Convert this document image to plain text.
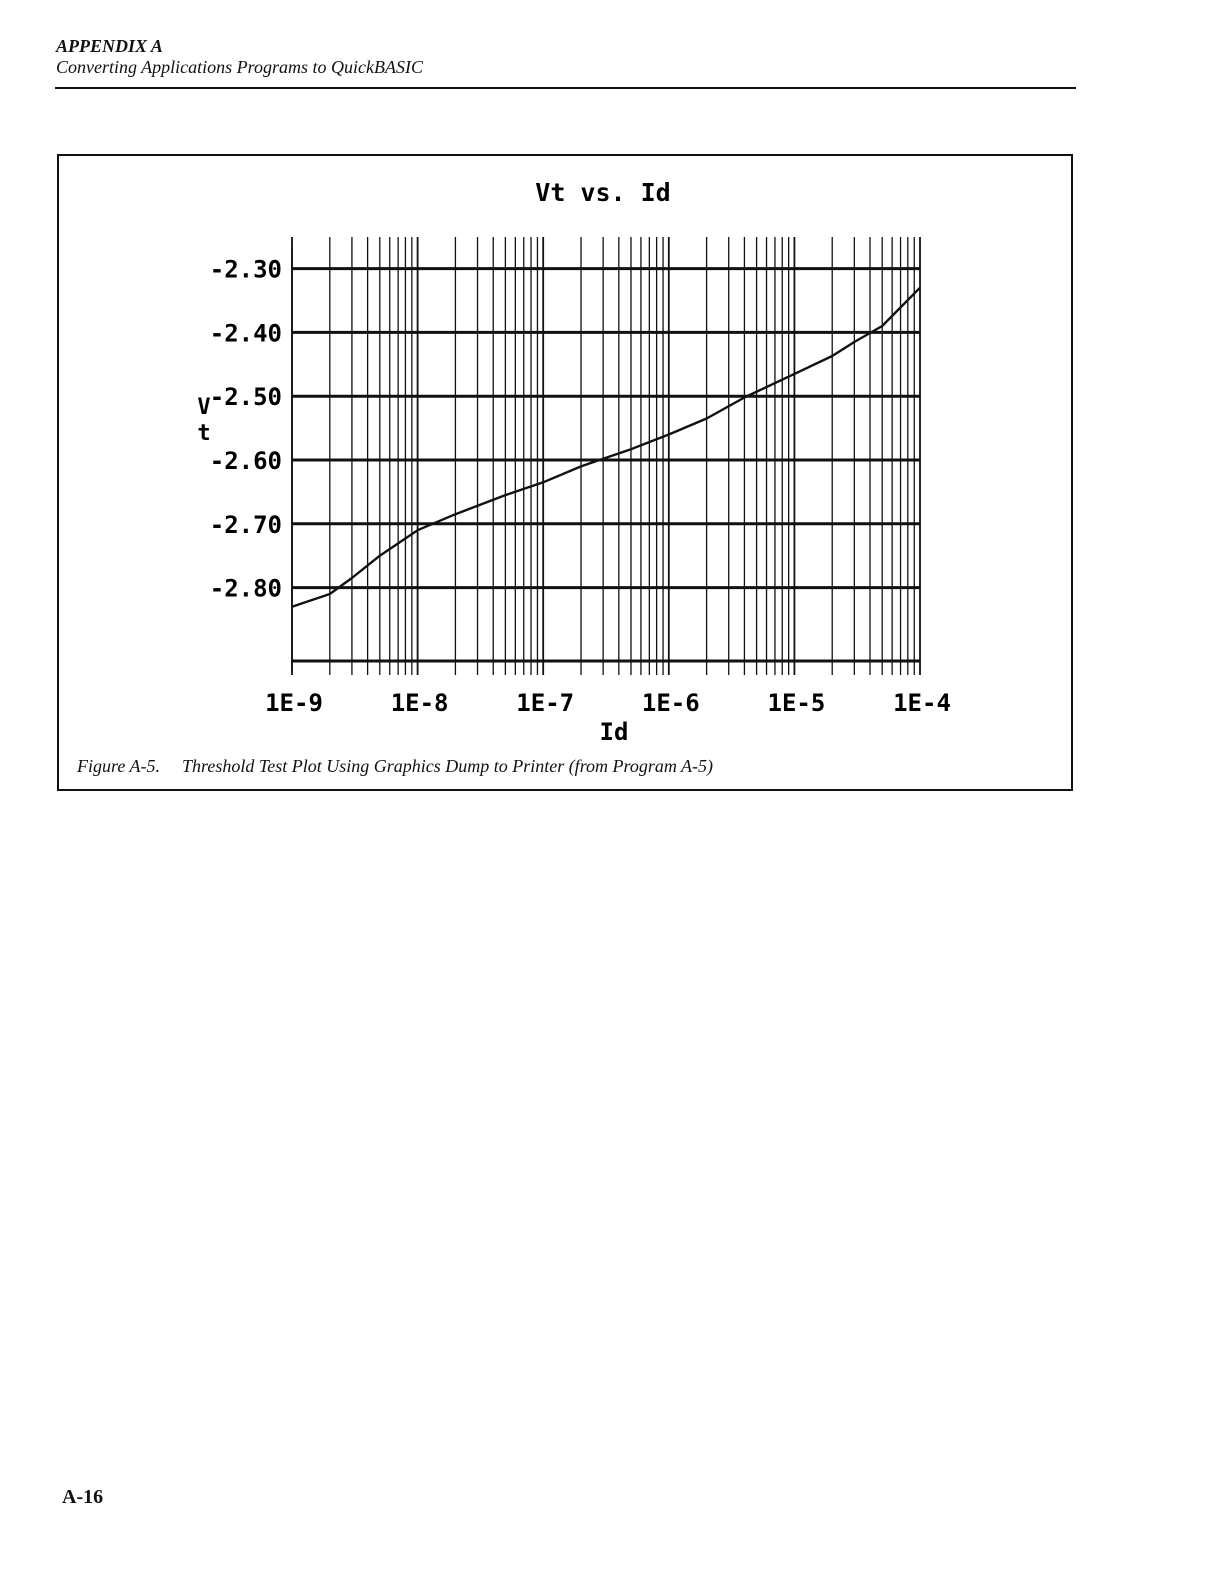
APPENDIX A
Converting Applications Programs to QuickBASIC
Vt vs. Id
-2.30
-2.40
-2.50
-2.60
-2.70
-2.80
1E-9	1E-8	1E-7	1E-6	1E-5	1E-4
Id
V t
Figure A-5. Threshold Test Plot Using Graphics Dump to Printer (from Program A-5)
A-16
